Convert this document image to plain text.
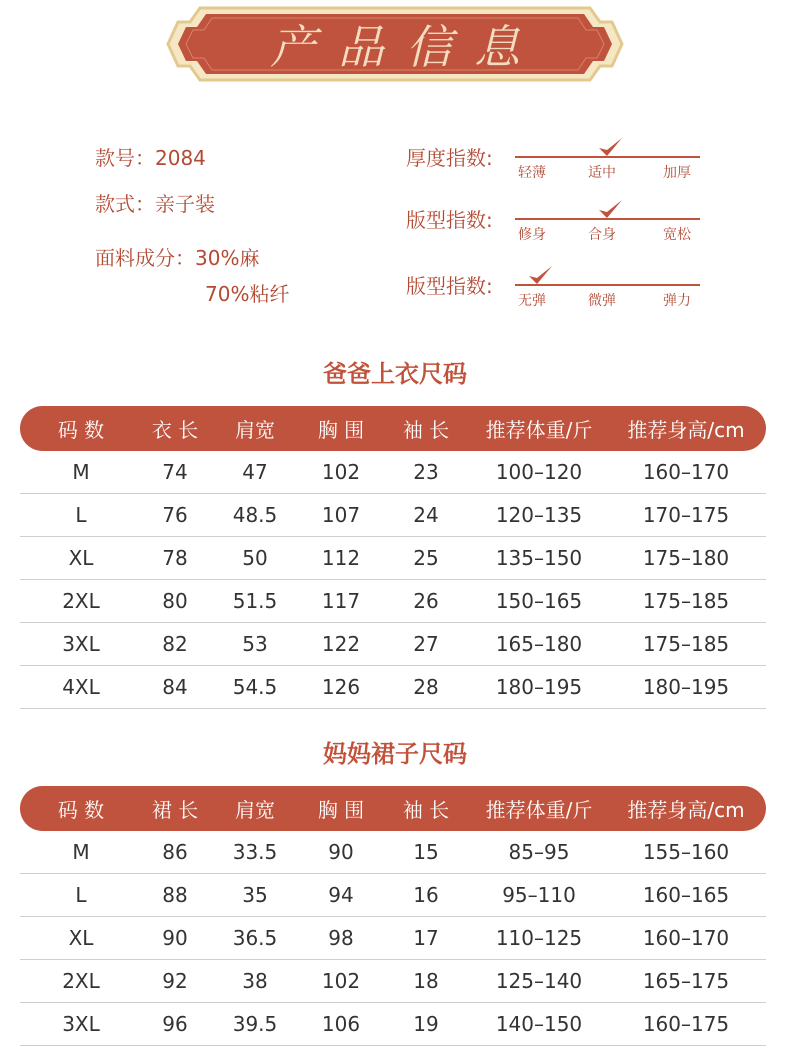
产品信息
款号：2084
款式：亲子装
面料成分：30%麻
70%粘纤
厚度指数:
轻薄	适中	加厚
版型指数:
修身	合身	宽松
版型指数:
无弹	微弹	弹力
爸爸上衣尺码
码 数	衣 长	肩宽	胸 围	袖 长	推荐体重/斤	推荐身高/cm
M	74	47	102	23	100–120	160–170
L	76	48.5	107	24	120–135	170–175
XL	78	50	112	25	135–150	175–180
2XL	80	51.5	117	26	150–165	175–185
3XL	82	53	122	27	165–180	175–185
4XL	84	54.5	126	28	180–195	180–195
妈妈裙子尺码
码 数	裙 长	肩宽	胸 围	袖 长	推荐体重/斤	推荐身高/cm
M	86	33.5	90	15	85–95	155–160
L	88	35	94	16	95–110	160–165
XL	90	36.5	98	17	110–125	160–170
2XL	92	38	102	18	125–140	165–175
3XL	96	39.5	106	19	140–150	160–175
